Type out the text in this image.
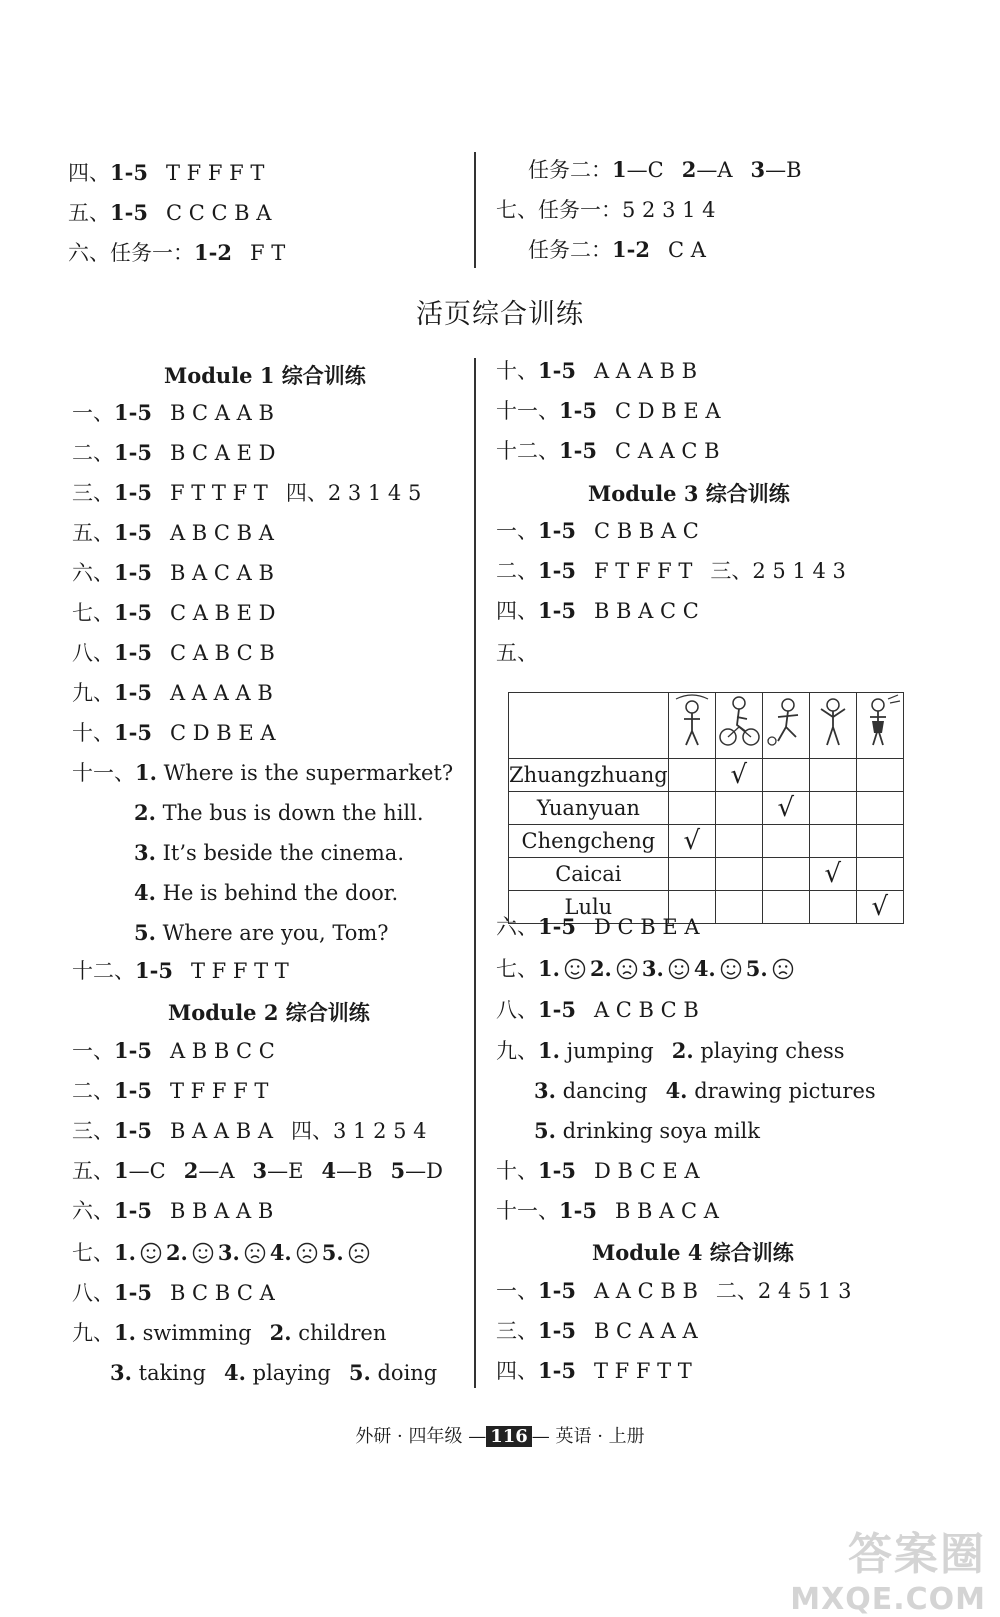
四、1-5 T F F F T
五、1-5 C C C B A
六、任务一：1-2 F T
任务二：1—C 2—A 3—B
七、任务一：5 2 3 1 4
任务二：1-2 C A
活页综合训练
Module 1 综合训练
一、1-5 B C A A B
二、1-5 B C A E D
三、1-5 F T T F T 四、2 3 1 4 5
五、1-5 A B C B A
六、1-5 B A C A B
七、1-5 C A B E D
八、1-5 C A B C B
九、1-5 A A A A B
十、1-5 C D B E A
十一、1. Where is the supermarket?
2. The bus is down the hill.
3. It’s beside the cinema.
4. He is behind the door.
5. Where are you, Tom?
十二、1-5 T F F T T
Module 2 综合训练
一、1-5 A B B C C
二、1-5 T F F F T
三、1-5 B A A B A 四、3 1 2 5 4
五、1—C 2—A 3—E 4—B 5—D
六、1-5 B B A A B
七、1. 2. 3. 4. 5.
八、1-5 B C B C A
九、1. swimming 2. children
3. taking 4. playing 5. doing
十、1-5 A A A B B
十一、1-5 C D B E A
十二、1-5 C A A C B
Module 3 综合训练
一、1-5 C B B A C
二、1-5 F T F F T 三、2 5 1 4 3
四、1-5 B B A C C
五、

Zhuangzhuang		√			
Yuanyuan			√		
Chengcheng	√				
Caicai				√	
Lulu					√
六、1-5 D C B E A
七、1. 2. 3. 4. 5.
八、1-5 A C B C B
九、1. jumping 2. playing chess
3. dancing 4. drawing pictures
5. drinking soya milk
十、1-5 D B C E A
十一、1-5 B B A C A
Module 4 综合训练
一、1-5 A A C B B 二、2 4 5 1 3
三、1-5 B C A A A
四、1-5 T F F T T
外研 · 四年级 — 116 — 英语 · 上册
答案圈
MXQE.COM
